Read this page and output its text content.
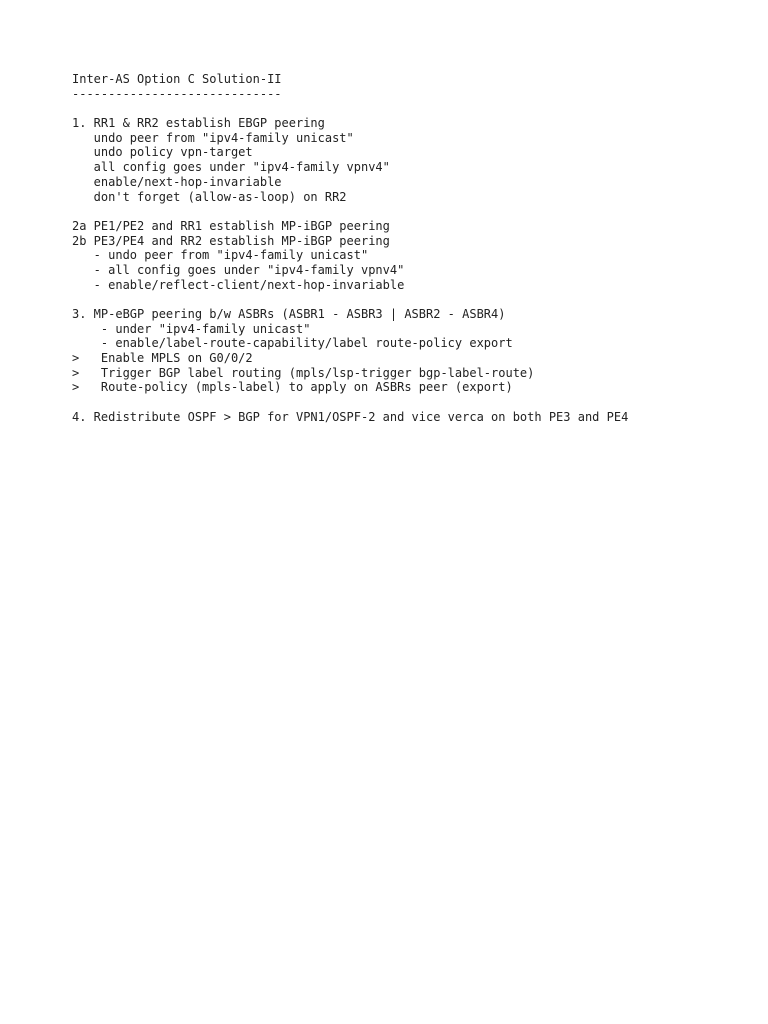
Inter-AS Option C Solution-II
-----------------------------
1. RR1 & RR2 establish EBGP peering
undo peer from "ipv4-family unicast"
undo policy vpn-target
all config goes under "ipv4-family vpnv4"
enable/next-hop-invariable
don't forget (allow-as-loop) on RR2
2a PE1/PE2 and RR1 establish MP-iBGP peering
2b PE3/PE4 and RR2 establish MP-iBGP peering
- undo peer from "ipv4-family unicast"
- all config goes under "ipv4-family vpnv4"
- enable/reflect-client/next-hop-invariable
3. MP-eBGP peering b/w ASBRs (ASBR1 - ASBR3 | ASBR2 - ASBR4)
- under "ipv4-family unicast"
- enable/label-route-capability/label route-policy export
>   Enable MPLS on G0/0/2
>   Trigger BGP label routing (mpls/lsp-trigger bgp-label-route)
>   Route-policy (mpls-label) to apply on ASBRs peer (export)
4. Redistribute OSPF > BGP for VPN1/OSPF-2 and vice verca on both PE3 and PE4
